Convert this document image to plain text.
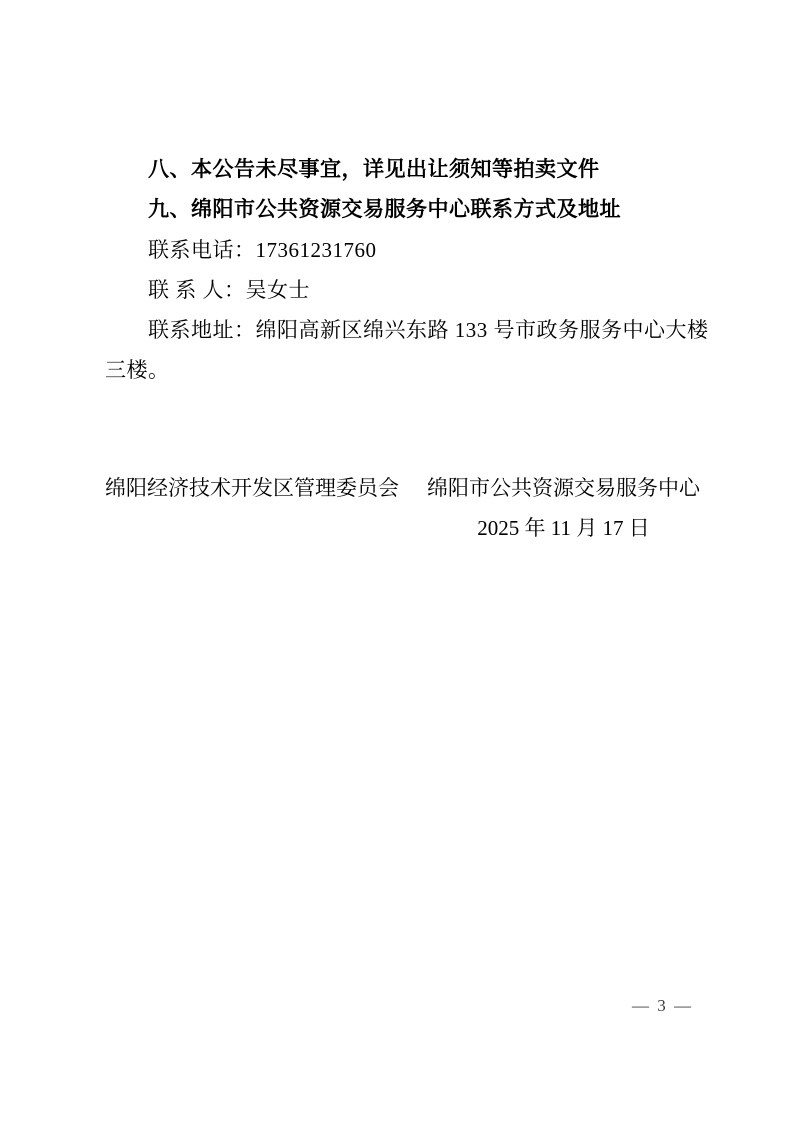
八、本公告未尽事宜，详见出让须知等拍卖文件

九、绵阳市公共资源交易服务中心联系方式及地址

联系电话：17361231760

联 系 人：吴女士

联系地址：绵阳高新区绵兴东路 133 号市政务服务中心大楼

三楼。

绵阳经济技术开发区管理委员会 绵阳市公共资源交易服务中心
2025 年 11 月 17 日
— 3 —
